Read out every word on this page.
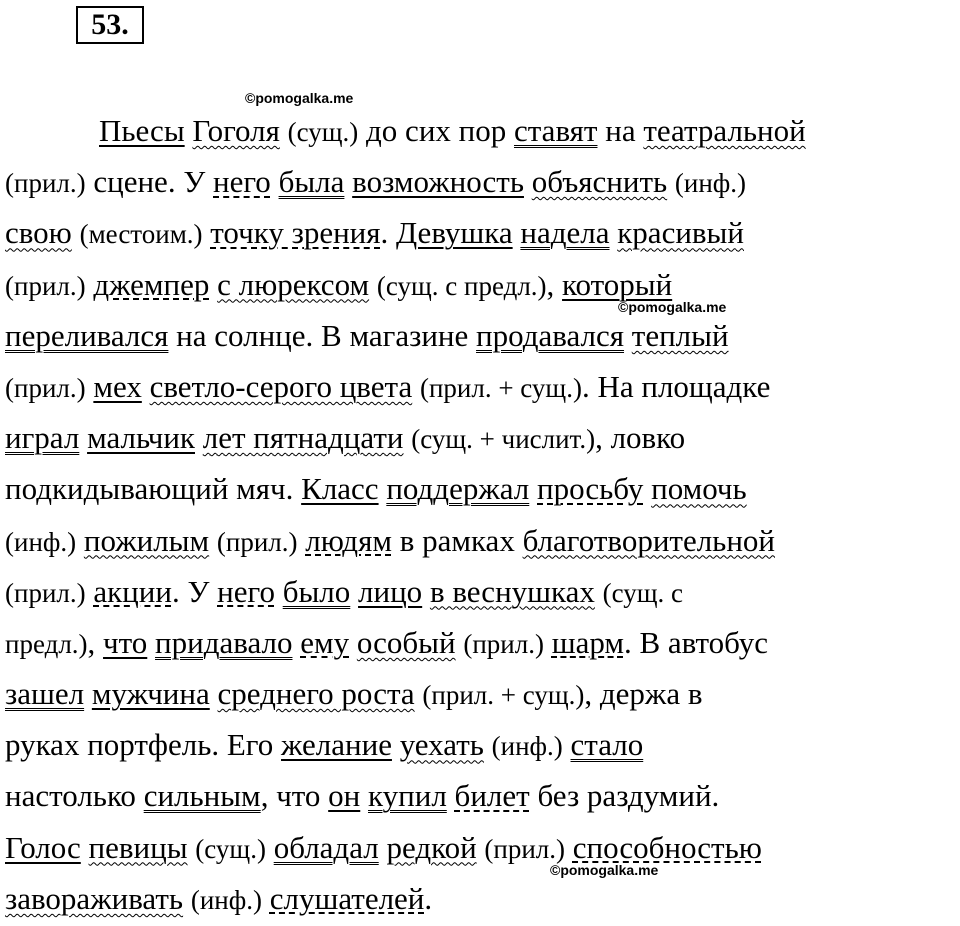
53.
©pomogalka.me
©pomogalka.me
©pomogalka.me
Пьесы Гоголя (сущ.) до сих пор ставят на театральной
(прил.) сцене. У него была возможность объяснить (инф.)
свою (местоим.) точку зрения. Девушка надела красивый
(прил.) джемпер с люрексом (сущ. с предл.), который
переливался на солнце. В магазине продавался теплый
(прил.) мех светло-серого цвета (прил. + сущ.). На площадке
играл мальчик лет пятнадцати (сущ. + числит.), ловко
подкидывающий мяч. Класс поддержал просьбу помочь
(инф.) пожилым (прил.) людям в рамках благотворительной
(прил.) акции. У него было лицо в веснушках (сущ. с
предл.), что придавало ему особый (прил.) шарм. В автобус
зашел мужчина среднего роста (прил. + сущ.), держа в
руках портфель. Его желание уехать (инф.) стало
настолько сильным, что он купил билет без раздумий.
Голос певицы (сущ.) обладал редкой (прил.) способностью
завораживать (инф.) слушателей.
